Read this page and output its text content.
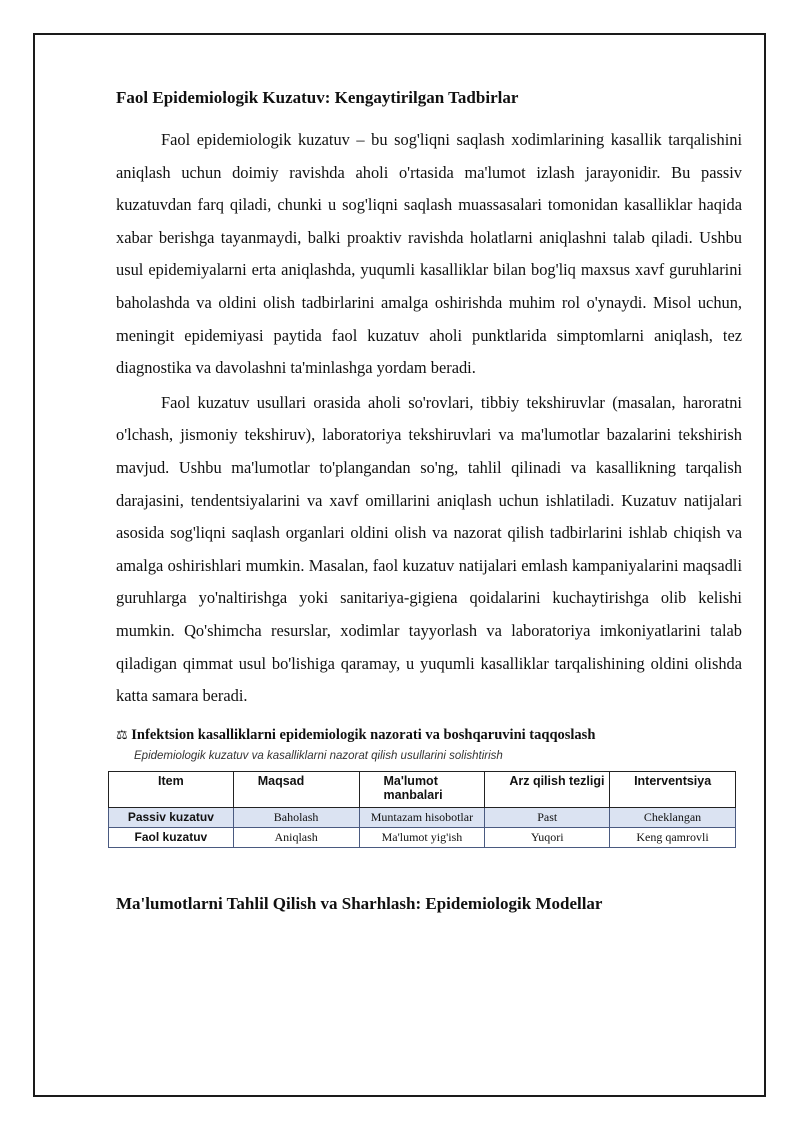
Faol Epidemiologik Kuzatuv: Kengaytirilgan Tadbirlar

Faol epidemiologik kuzatuv – bu sog'liqni saqlash xodimlarining kasallik tarqalishini aniqlash uchun doimiy ravishda aholi o'rtasida ma'lumot izlash jarayonidir. Bu passiv kuzatuvdan farq qiladi, chunki u sog'liqni saqlash muassasalari tomonidan kasalliklar haqida xabar berishga tayanmaydi, balki proaktiv ravishda holatlarni aniqlashni talab qiladi. Ushbu usul epidemiyalarni erta aniqlashda, yuqumli kasalliklar bilan bog'liq maxsus xavf guruhlarini baholashda va oldini olish tadbirlarini amalga oshirishda muhim rol o'ynaydi. Misol uchun, meningit epidemiyasi paytida faol kuzatuv aholi punktlarida simptomlarni aniqlash, tez diagnostika va davolashni ta'minlashga yordam beradi.

Faol kuzatuv usullari orasida aholi so'rovlari, tibbiy tekshiruvlar (masalan, haroratni o'lchash, jismoniy tekshiruv), laboratoriya tekshiruvlari va ma'lumotlar bazalarini tekshirish mavjud. Ushbu ma'lumotlar to'plangandan so'ng, tahlil qilinadi va kasallikning tarqalish darajasini, tendentsiyalarini va xavf omillarini aniqlash uchun ishlatiladi. Kuzatuv natijalari asosida sog'liqni saqlash organlari oldini olish va nazorat qilish tadbirlarini ishlab chiqish va amalga oshirishlari mumkin. Masalan, faol kuzatuv natijalari emlash kampaniyalarini maqsadli guruhlarga yo'naltirishga yoki sanitariya-gigiena qoidalarini kuchaytirishga olib kelishi mumkin. Qo'shimcha resurslar, xodimlar tayyorlash va laboratoriya imkoniyatlarini talab qiladigan qimmat usul bo'lishiga qaramay, u yuqumli kasalliklar tarqalishining oldini olishda katta samara beradi.

⚖ Infektsion kasalliklarni epidemiologik nazorati va boshqaruvini taqqoslash
Epidemiologik kuzatuv va kasalliklarni nazorat qilish usullarini solishtirish
Item	Maqsad	Ma'lumot manbalari	Arz qilish tezligi	Interventsiya
Passiv kuzatuv	Baholash	Muntazam hisobotlar	Past	Cheklangan
Faol kuzatuv	Aniqlash	Ma'lumot yig'ish	Yuqori	Keng qamrovli
Ma'lumotlarni Tahlil Qilish va Sharhlash: Epidemiologik Modellar
